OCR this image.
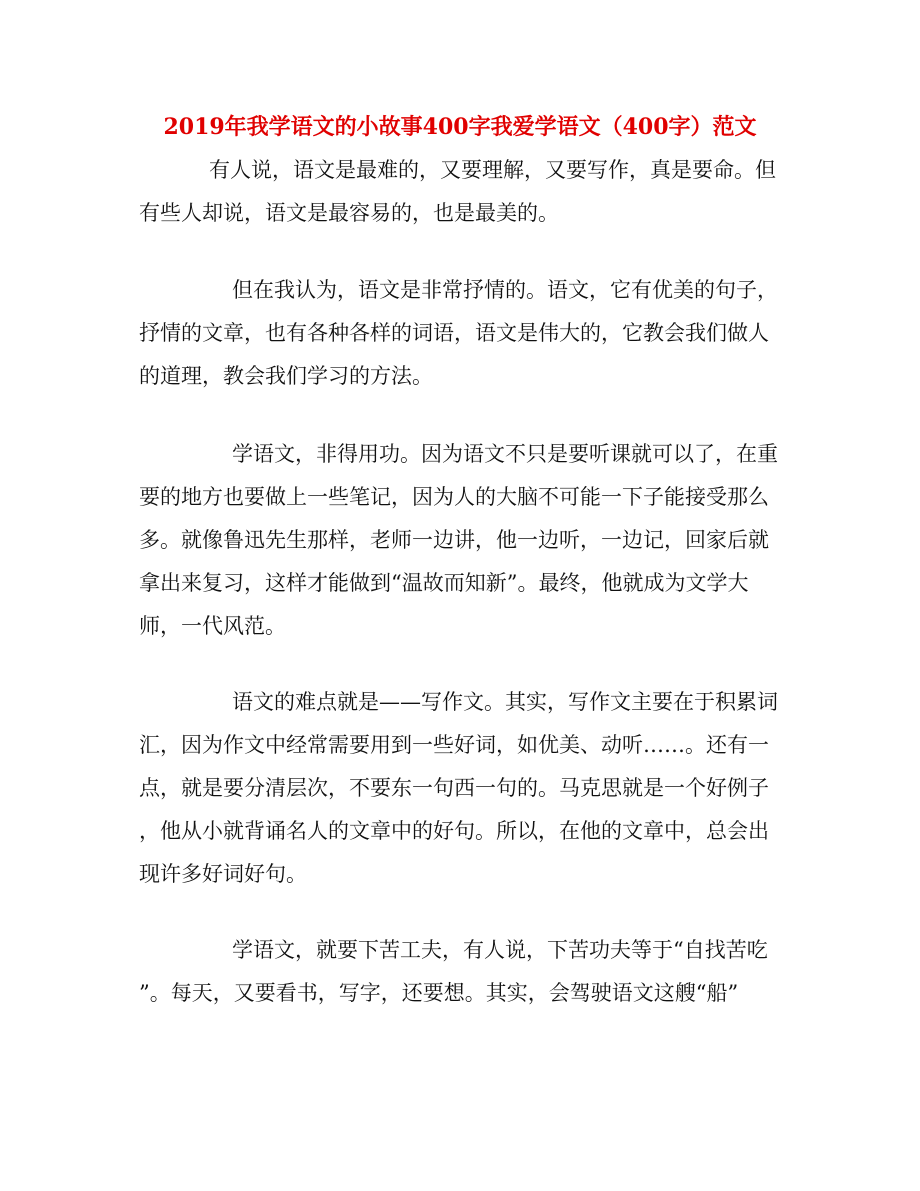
2019年我学语文的小故事400字我爱学语文（400字）范文
有人说，语文是最难的，又要理解，又要写作，真是要命。但
有些人却说，语文是最容易的，也是最美的。
但在我认为，语文是非常抒情的。语文，它有优美的句子，
抒情的文章，也有各种各样的词语，语文是伟大的，它教会我们做人
的道理，教会我们学习的方法。
学语文，非得用功。因为语文不只是要听课就可以了，在重
要的地方也要做上一些笔记，因为人的大脑不可能一下子能接受那么
多。就像鲁迅先生那样，老师一边讲，他一边听，一边记，回家后就
拿出来复习，这样才能做到“温故而知新”。最终，他就成为文学大
师，一代风范。
语文的难点就是——写作文。其实，写作文主要在于积累词
汇，因为作文中经常需要用到一些好词，如优美、动听……。还有一
点，就是要分清层次，不要东一句西一句的。马克思就是一个好例子
，他从小就背诵名人的文章中的好句。所以，在他的文章中，总会出
现许多好词好句。
学语文，就要下苦工夫，有人说，下苦功夫等于“自找苦吃
”。每天，又要看书，写字，还要想。其实，会驾驶语文这艘“船”
